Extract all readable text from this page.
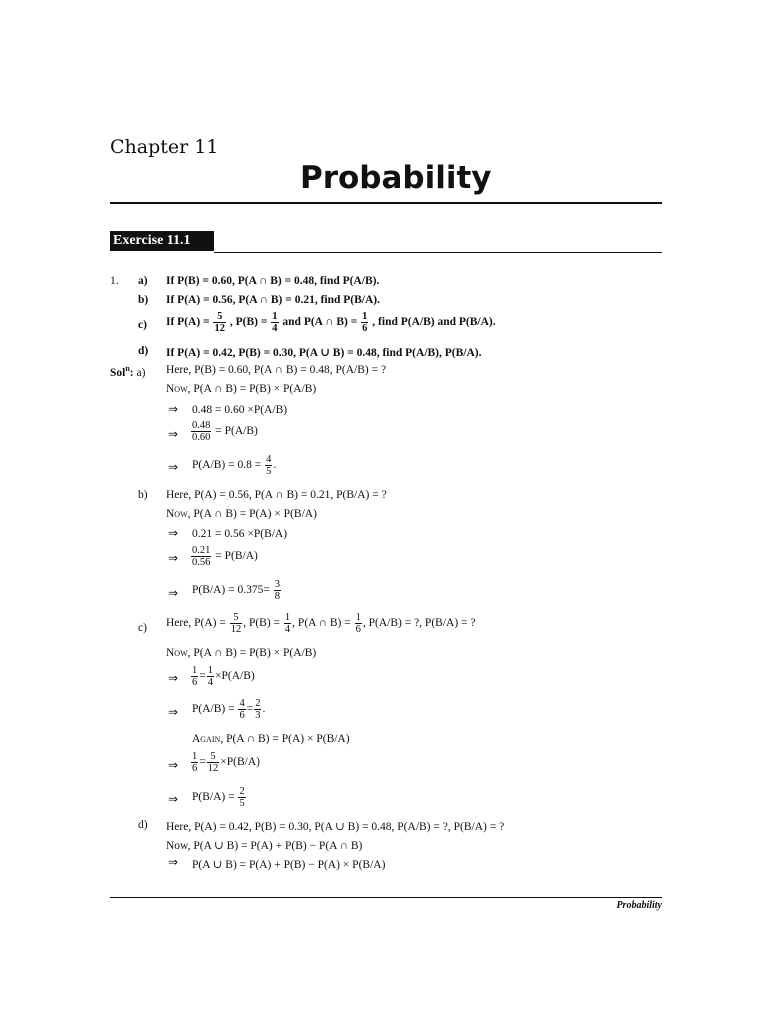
Chapter 11
Probability
Exercise 11.1
1. a) If P(B) = 0.60, P(A ∩ B) = 0.48, find P(A/B).
b) If P(A) = 0.56, P(A ∩ B) = 0.21, find P(B/A).
c) If $P(A) = \frac{5}{12}$ , $P(B) = \frac{1}{4}$ and P(A ∩ $B) = \frac{1}{6}$ , find P(A/B) and P(B/A).
d) If P(A) = 0.42, P(B) = 0.30, P(A ∪ B) = 0.48, find P(A/B), P(B/A).
Sol$^n$: a) Here, P(B) = 0.60, P(A ∩ B) = 0.48, P(A/B) = ?
Now, P(A ∩ B) = P(B) × P(A/B)
⇒ 0.48 = 0.60 ×P(A/B)
⇒ $\frac{0.48}{0.60} = P(A/B)$
⇒ $P(A/B) = 0.8 = \frac{4}{5}$ .
b) Here, P(A) = 0.56, P(A ∩ B) = 0.21, P(B/A) = ?
Now, P(A ∩ B) = P(A) × P(B/A)
⇒ 0.21 = 0.56 ×P(B/A)
⇒ $\frac{0.21}{0.56} = P(B/A)$
⇒ $P(B/A) = 0.375= \frac{3}{8}$
c) Here, $P(A) = \frac{5}{12}$ , $P(B) = \frac{1}{4}$ , P(A ∩ $B) = \frac{1}{6}$ , P(A/B) = ?, P(B/A) = ?
Now, P(A ∩ B) = P(B) × P(A/B)
⇒ $\frac{1}{6} = \frac{1}{4} \times P(A/B)$
⇒ $P(A/B) = \frac{4}{6} = \frac{2}{3}$ .
Again, P(A ∩ B) = P(A) × P(B/A)
⇒ $\frac{1}{6} = \frac{5}{12} \times P(B/A)$
⇒ $P(B/A) = \frac{2}{5}$
d) Here, P(A) = 0.42, P(B) = 0.30, P(A ∪ B) = 0.48, P(A/B) = ?, P(B/A) = ?
Now, P(A ∪ B) = P(A) + P(B) − P(A ∩ B)
⇒ P(A ∪ B) = P(A) + P(B) − P(A) × P(B/A)
Probability
